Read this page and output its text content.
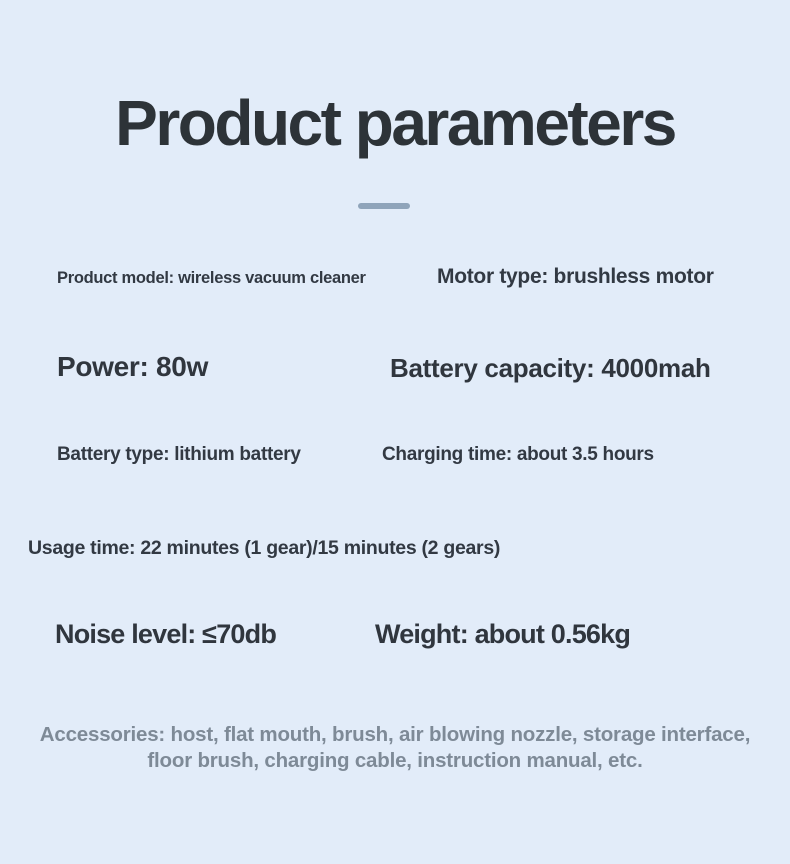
Product parameters
Product model: wireless vacuum cleaner	Motor type: brushless motor
Power: 80w	Battery capacity: 4000mah
Battery type: lithium battery	Charging time: about 3.5 hours
Usage time: 22 minutes (1 gear)/15 minutes (2 gears)
Noise level: ≤70db	Weight: about 0.56kg
Accessories: host, flat mouth, brush, air blowing nozzle, storage interface, floor brush, charging cable, instruction manual, etc.
